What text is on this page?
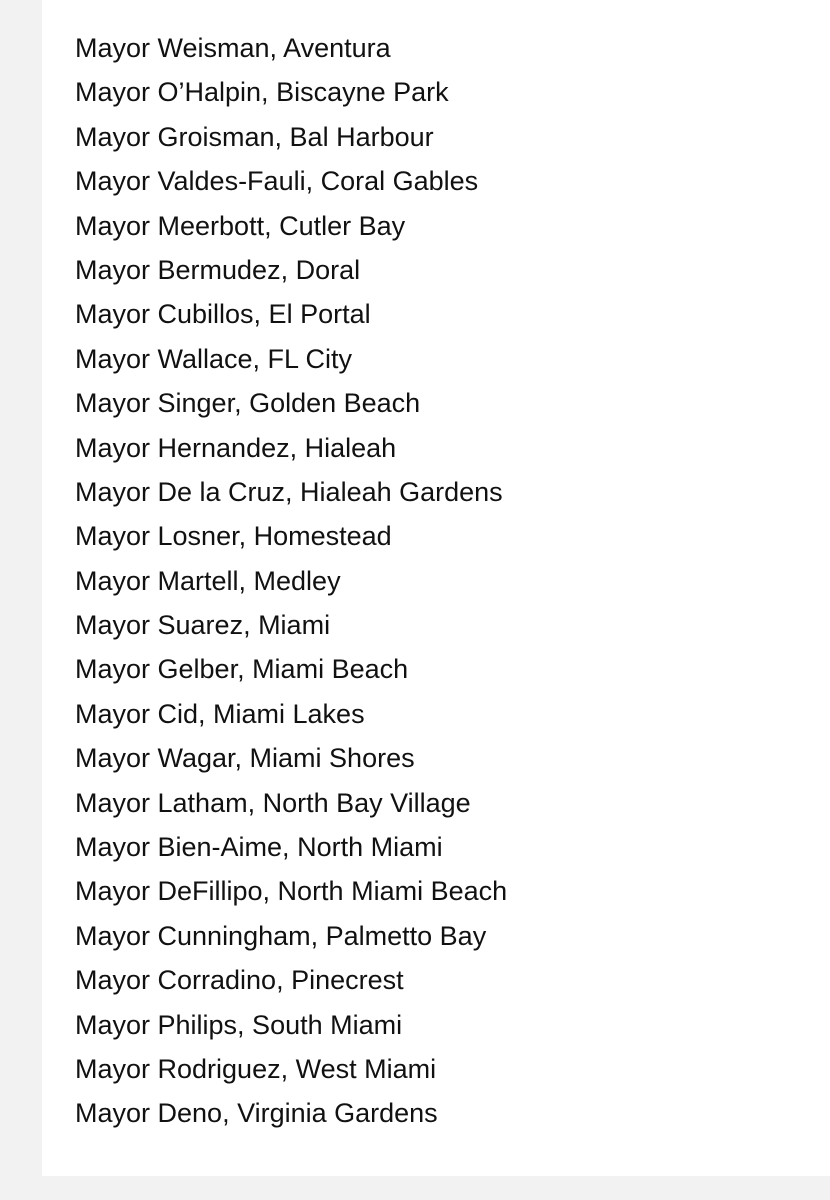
Mayor Weisman, Aventura
Mayor O’Halpin, Biscayne Park
Mayor Groisman, Bal Harbour
Mayor Valdes-Fauli, Coral Gables
Mayor Meerbott, Cutler Bay
Mayor Bermudez, Doral
Mayor Cubillos, El Portal
Mayor Wallace, FL City
Mayor Singer, Golden Beach
Mayor Hernandez, Hialeah
Mayor De la Cruz, Hialeah Gardens
Mayor Losner, Homestead
Mayor Martell, Medley
Mayor Suarez, Miami
Mayor Gelber, Miami Beach
Mayor Cid, Miami Lakes
Mayor Wagar, Miami Shores
Mayor Latham, North Bay Village
Mayor Bien-Aime, North Miami
Mayor DeFillipo, North Miami Beach
Mayor Cunningham, Palmetto Bay
Mayor Corradino, Pinecrest
Mayor Philips, South Miami
Mayor Rodriguez, West Miami
Mayor Deno, Virginia Gardens
